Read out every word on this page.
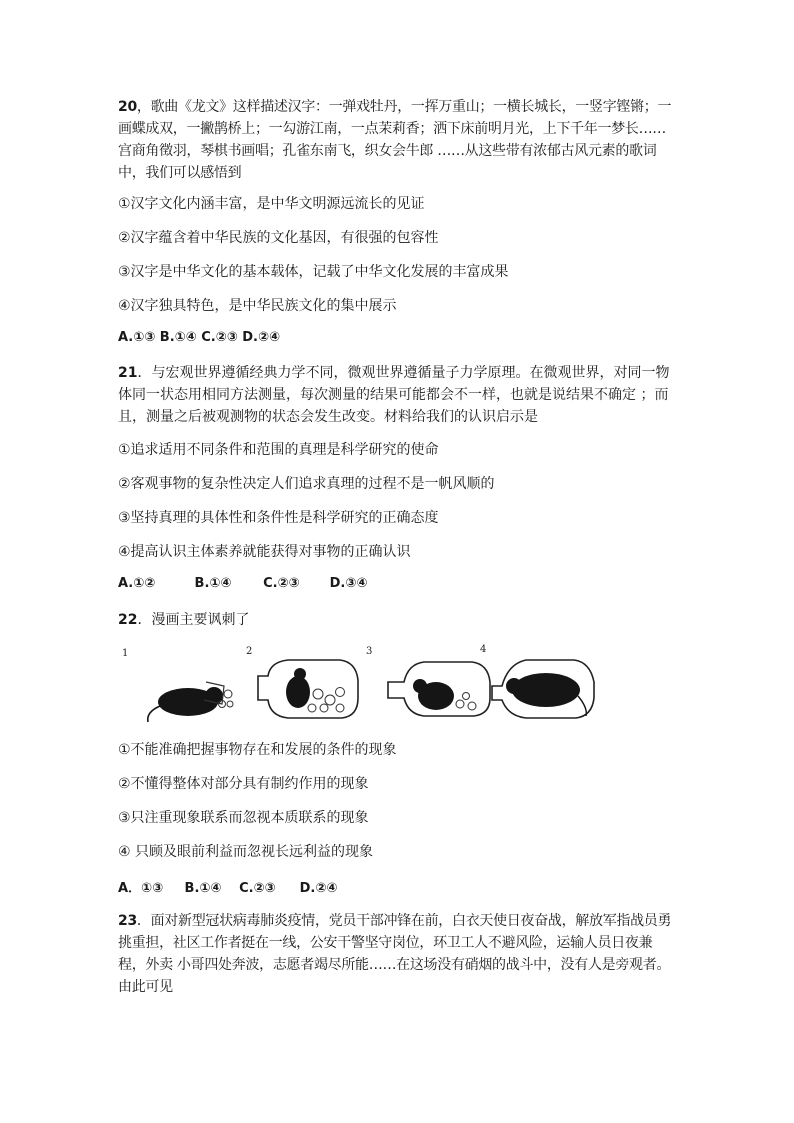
20，歌曲《龙文》这样描述汉字：一弹戏牡丹，一挥万重山；一横长城长，一竖字铿锵；一画蝶成双，一撇鹊桥上；一勾游江南，一点茉莉香；洒下床前明月光，上下千年一梦长……宫商角徵羽，琴棋书画唱；孔雀东南飞，织女会牛郎 ……从这些带有浓郁古风元素的歌词中，我们可以感悟到

①汉字文化内涵丰富，是中华文明源远流长的见证
②汉字蕴含着中华民族的文化基因，有很强的包容性
③汉字是中华文化的基本载体，记载了中华文化发展的丰富成果
④汉字独具特色，是中华民族文化的集中展示
A.①③ B.①④ C.②③ D.②④

21．与宏观世界遵循经典力学不同，微观世界遵循量子力学原理。在微观世界，对同一物体同一状态用相同方法测量，每次测量的结果可能都会不一样，也就是说结果不确定 ；而且，测量之后被观测物的状态会发生改变。材料给我们的认识启示是

①追求适用不同条件和范围的真理是科学研究的使命
②客观事物的复杂性决定人们追求真理的过程不是一帆风顺的
③坚持真理的具体性和条件性是科学研究的正确态度
④提高认识主体素养就能获得对事物的正确认识
A.①②	B.①④ C.②③ D.③④
22．漫画主要讽刺了
1	2	3	4
①不能准确把握事物存在和发展的条件的现象
②不懂得整体对部分具有制约作用的现象
③只注重现象联系而忽视本质联系的现象
④ 只顾及眼前利益而忽视长远利益的现象
A．①③ B.①④ C.②③ D.②④

23．面对新型冠状病毒肺炎疫情，党员干部冲锋在前，白衣天使日夜奋战，解放军指战员勇挑重担，社区工作者挺在一线，公安干警坚守岗位，环卫工人不避风险，运输人员日夜兼程，外卖 小哥四处奔波，志愿者竭尽所能……在这场没有硝烟的战斗中，没有人是旁观者。由此可见
